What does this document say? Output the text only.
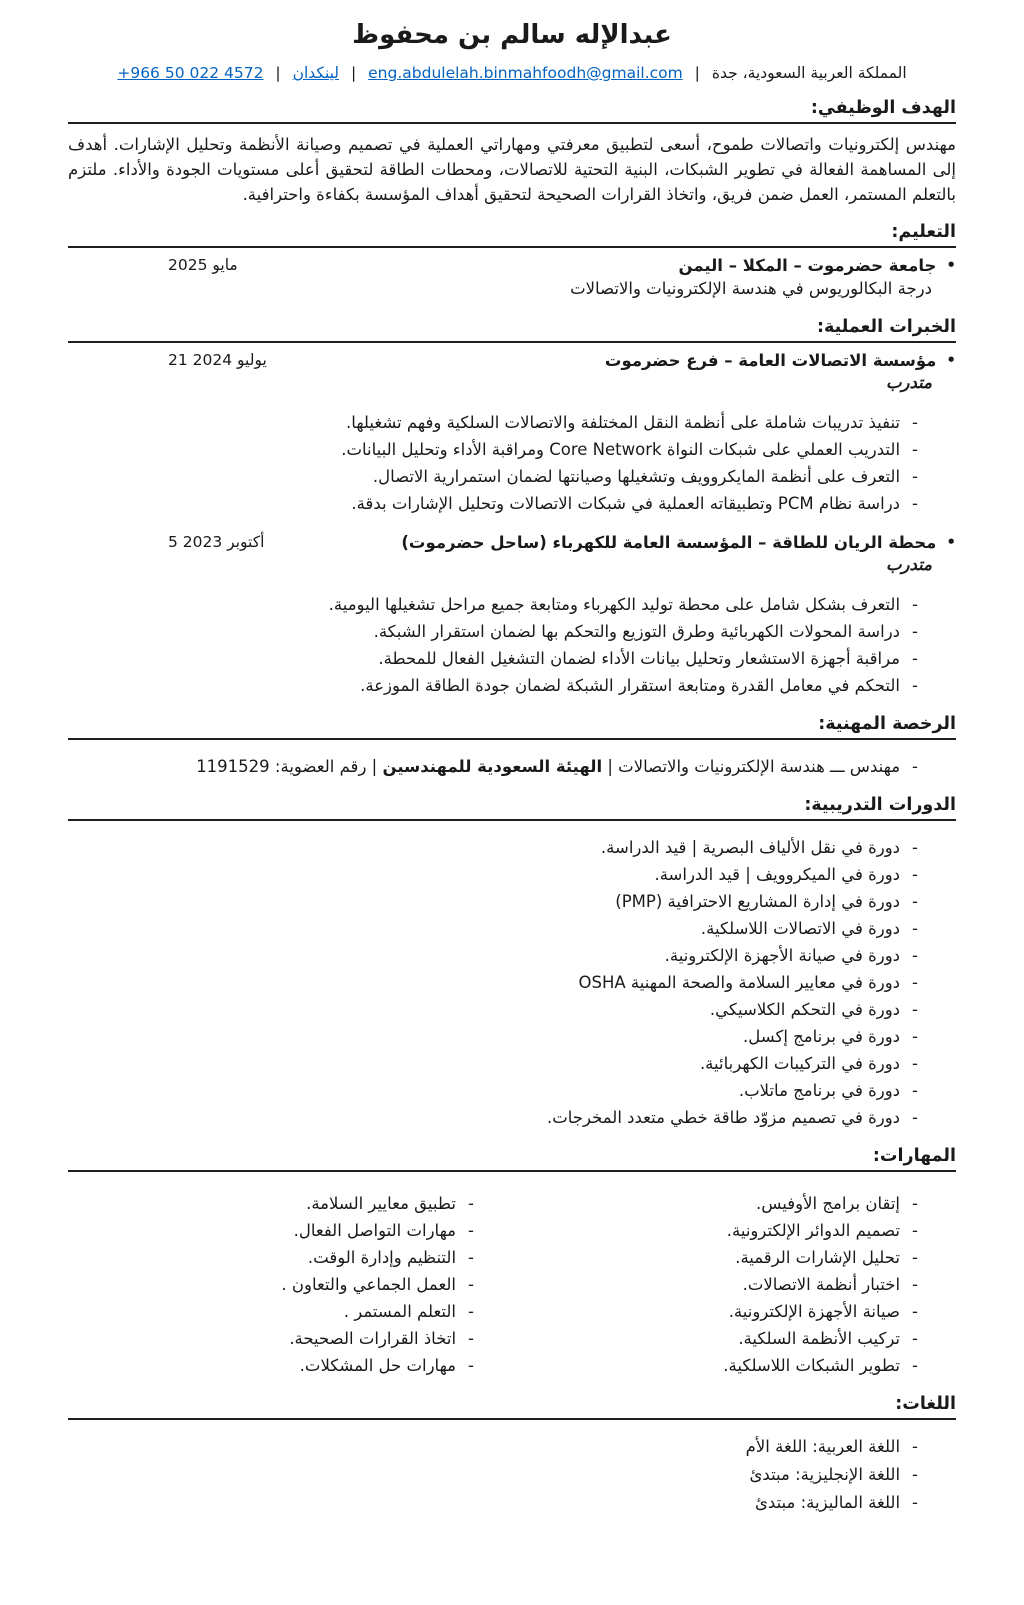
عبدالإله سالم بن محفوظ
المملكة العربية السعودية، جدة | eng.abdulelah.binmahfoodh@gmail.com | لينكدان | +966 50 022 4572
الهدف الوظيفي:

مهندس إلكترونيات واتصالات طموح، أسعى لتطبيق معرفتي ومهاراتي العملية في تصميم وصيانة الأنظمة وتحليل الإشارات. أهدف إلى المساهمة الفعالة في تطوير الشبكات، البنية التحتية للاتصالات، ومحطات الطاقة لتحقيق أعلى مستويات الجودة والأداء. ملتزم بالتعلم المستمر، العمل ضمن فريق، واتخاذ القرارات الصحيحة لتحقيق أهداف المؤسسة بكفاءة واحترافية.

التعليم:
•
جامعة حضرموت – المكلا – اليمن
مايو 2025
درجة البكالوريوس في هندسة الإلكترونيات والاتصالات
الخبرات العملية:
•
مؤسسة الاتصالات العامة – فرع حضرموت
21 يوليو 2024
متدرب
-
تنفيذ تدريبات شاملة على أنظمة النقل المختلفة والاتصالات السلكية وفهم تشغيلها.
-
التدريب العملي على شبكات النواة Core Network ومراقبة الأداء وتحليل البيانات.
-
التعرف على أنظمة المايكروويف وتشغيلها وصيانتها لضمان استمرارية الاتصال.
-
دراسة نظام PCM وتطبيقاته العملية في شبكات الاتصالات وتحليل الإشارات بدقة.
•
محطة الريان للطاقة – المؤسسة العامة للكهرباء (ساحل حضرموت)
5 أكتوبر 2023
متدرب
-
التعرف بشكل شامل على محطة توليد الكهرباء ومتابعة جميع مراحل تشغيلها اليومية.
-
دراسة المحولات الكهربائية وطرق التوزيع والتحكم بها لضمان استقرار الشبكة.
-
مراقبة أجهزة الاستشعار وتحليل بيانات الأداء لضمان التشغيل الفعال للمحطة.
-
التحكم في معامل القدرة ومتابعة استقرار الشبكة لضمان جودة الطاقة الموزعة.
الرخصة المهنية:
-
مهندس ـــ هندسة الإلكترونيات والاتصالات | الهيئة السعودية للمهندسين | رقم العضوية: 1191529
الدورات التدريبية:
-
دورة في نقل الألياف البصرية | قيد الدراسة.
-
دورة في الميكروويف | قيد الدراسة.
-
دورة في إدارة المشاريع الاحترافية (PMP)
-
دورة في الاتصالات اللاسلكية.
-
دورة في صيانة الأجهزة الإلكترونية.
-
دورة في معايير السلامة والصحة المهنية OSHA
-
دورة في التحكم الكلاسيكي.
-
دورة في برنامج إكسل.
-
دورة في التركيبات الكهربائية.
-
دورة في برنامج ماتلاب.
-
دورة في تصميم مزوّد طاقة خطي متعدد المخرجات.
المهارات:
-
إتقان برامج الأوفيس.
-
تصميم الدوائر الإلكترونية.
-
تحليل الإشارات الرقمية.
-
اختبار أنظمة الاتصالات.
-
صيانة الأجهزة الإلكترونية.
-
تركيب الأنظمة السلكية.
-
تطوير الشبكات اللاسلكية.
-
تطبيق معايير السلامة.
-
مهارات التواصل الفعال.
-
التنظيم وإدارة الوقت.
-
العمل الجماعي والتعاون .
-
التعلم المستمر .
-
اتخاذ القرارات الصحيحة.
-
مهارات حل المشكلات.
اللغات:
-
اللغة العربية: اللغة الأم
-
اللغة الإنجليزية: مبتدئ
-
اللغة الماليزية: مبتدئ
